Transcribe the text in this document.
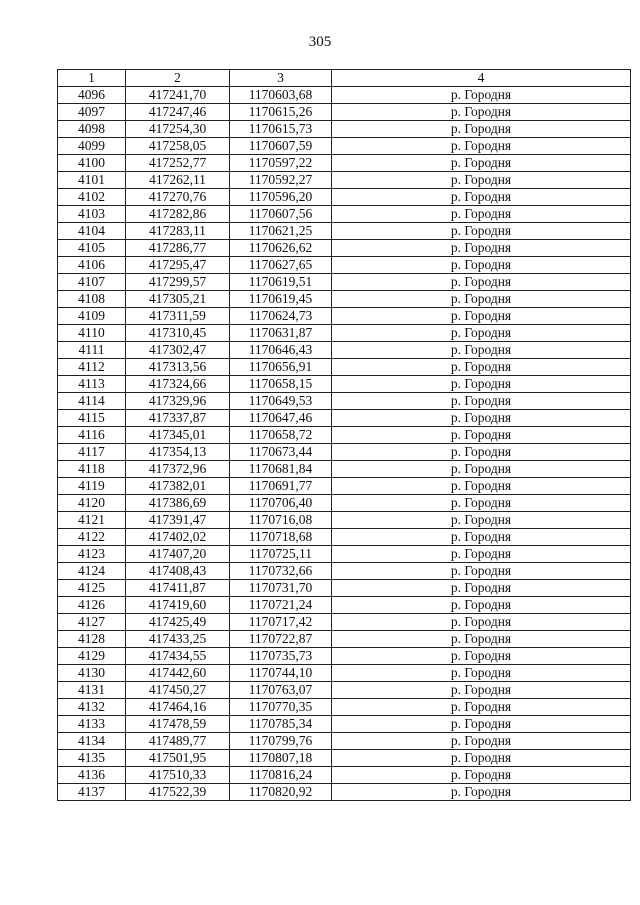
305
1	2	3	4
4096	417241,70	1170603,68	р. Городня
4097	417247,46	1170615,26	р. Городня
4098	417254,30	1170615,73	р. Городня
4099	417258,05	1170607,59	р. Городня
4100	417252,77	1170597,22	р. Городня
4101	417262,11	1170592,27	р. Городня
4102	417270,76	1170596,20	р. Городня
4103	417282,86	1170607,56	р. Городня
4104	417283,11	1170621,25	р. Городня
4105	417286,77	1170626,62	р. Городня
4106	417295,47	1170627,65	р. Городня
4107	417299,57	1170619,51	р. Городня
4108	417305,21	1170619,45	р. Городня
4109	417311,59	1170624,73	р. Городня
4110	417310,45	1170631,87	р. Городня
4111	417302,47	1170646,43	р. Городня
4112	417313,56	1170656,91	р. Городня
4113	417324,66	1170658,15	р. Городня
4114	417329,96	1170649,53	р. Городня
4115	417337,87	1170647,46	р. Городня
4116	417345,01	1170658,72	р. Городня
4117	417354,13	1170673,44	р. Городня
4118	417372,96	1170681,84	р. Городня
4119	417382,01	1170691,77	р. Городня
4120	417386,69	1170706,40	р. Городня
4121	417391,47	1170716,08	р. Городня
4122	417402,02	1170718,68	р. Городня
4123	417407,20	1170725,11	р. Городня
4124	417408,43	1170732,66	р. Городня
4125	417411,87	1170731,70	р. Городня
4126	417419,60	1170721,24	р. Городня
4127	417425,49	1170717,42	р. Городня
4128	417433,25	1170722,87	р. Городня
4129	417434,55	1170735,73	р. Городня
4130	417442,60	1170744,10	р. Городня
4131	417450,27	1170763,07	р. Городня
4132	417464,16	1170770,35	р. Городня
4133	417478,59	1170785,34	р. Городня
4134	417489,77	1170799,76	р. Городня
4135	417501,95	1170807,18	р. Городня
4136	417510,33	1170816,24	р. Городня
4137	417522,39	1170820,92	р. Городня
